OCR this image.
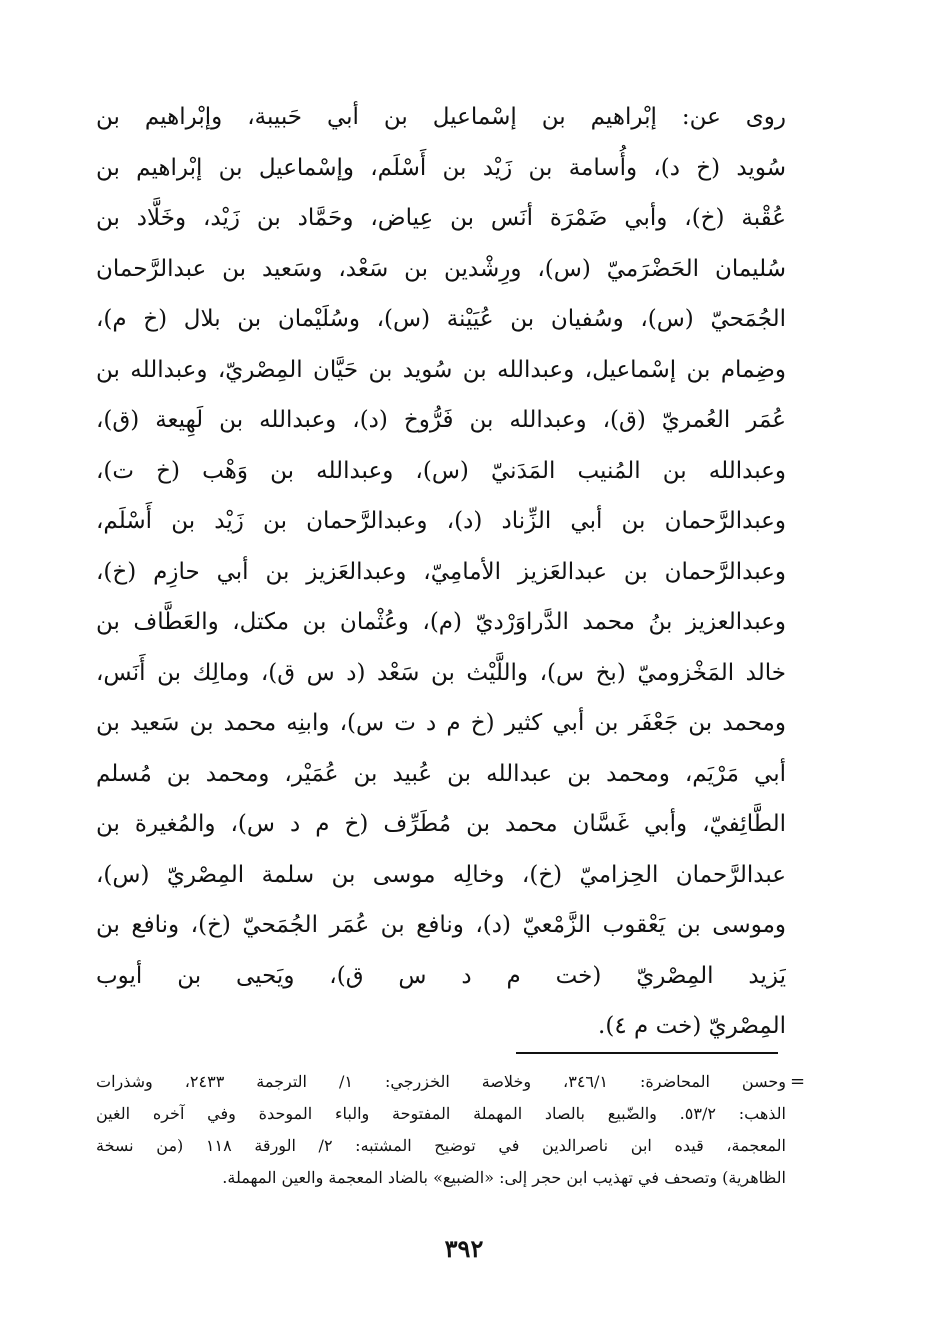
روى عن: إبْراهيم بن إسْماعيل بن أبي حَبيبة، وإبْراهيم بن
سُويد (خ د)، وأُسامة بن زَيْد بن أَسْلَم، وإسْماعيل بن إبْراهيم بن
عُقْبة (خ)، وأبي ضَمْرَة أنَس بن عِياض، وحَمَّاد بن زَيْد، وخَلَّاد بن
سُليمان الحَضْرَميّ (س)، ورِشْدين بن سَعْد، وسَعيد بن عبدالرَّحمان
الجُمَحيّ (س)، وسُفيان بن عُيَيْنة (س)، وسُلَيْمان بن بلال (خ م)،
وضِمام بن إسْماعيل، وعبدالله بن سُويد بن حَيَّان المِصْريّ، وعبدالله بن
عُمَر العُمريّ (ق)، وعبدالله بن فَرُّوخ (د)، وعبدالله بن لَهِيعة (ق)،
وعبدالله بن المُنيب المَدَنيّ (س)، وعبدالله بن وَهْب (خ ت)،
وعبدالرَّحمان بن أبي الزِّناد (د)، وعبدالرَّحمان بن زَيْد بن أَسْلَم،
وعبدالرَّحمان بن عبدالعَزيز الأمامِيّ، وعبدالعَزيز بن أبي حازِم (خ)،
وعبدالعزيز بنُ محمد الدَّراوَرْديّ (م)، وعُثْمان بن مكتل، والعَطَّاف بن
خالد المَخْزوميّ (بخ س)، واللَّيْث بن سَعْد (د س ق)، ومالِك بن أَنَس،
ومحمد بن جَعْفَر بن أبي كثير (خ م د ت س)، وابنِه محمد بن سَعيد بن
أبي مَرْيَم، ومحمد بن عبدالله بن عُبيد بن عُمَيْر، ومحمد بن مُسلم
الطَّائِفيّ، وأبي غَسَّان محمد بن مُطَرِّف (خ م د س)، والمُغيرة بن
عبدالرَّحمان الحِزاميّ (خ)، وخالِه موسى بن سلمة المِصْريّ (س)،
وموسى بن يَعْقوب الزَّمْعيّ (د)، ونافع بن عُمَر الجُمَحيّ (خ)، ونافع بن
يَزيد المِصْريّ (خت م د س ق)، ويَحيى بن أيوب
المِصْريّ (خت م ٤).
=
وحسن المحاضرة: ٣٤٦/١، وخلاصة الخزرجي: ١/ الترجمة ٢٤٣٣، وشذرات
الذهب: ٥٣/٢. والضّبيع بالصاد المهملة المفتوحة والباء الموحدة وفي آخره الغين
المعجمة، قيده ابن ناصرالدين في توضيح المشتبه: ٢/ الورقة ١١٨ (من نسخة
الظاهرية) وتصحف في تهذيب ابن حجر إلى: «الضبيع» بالضاد المعجمة والعين المهملة.
٣٩٢
